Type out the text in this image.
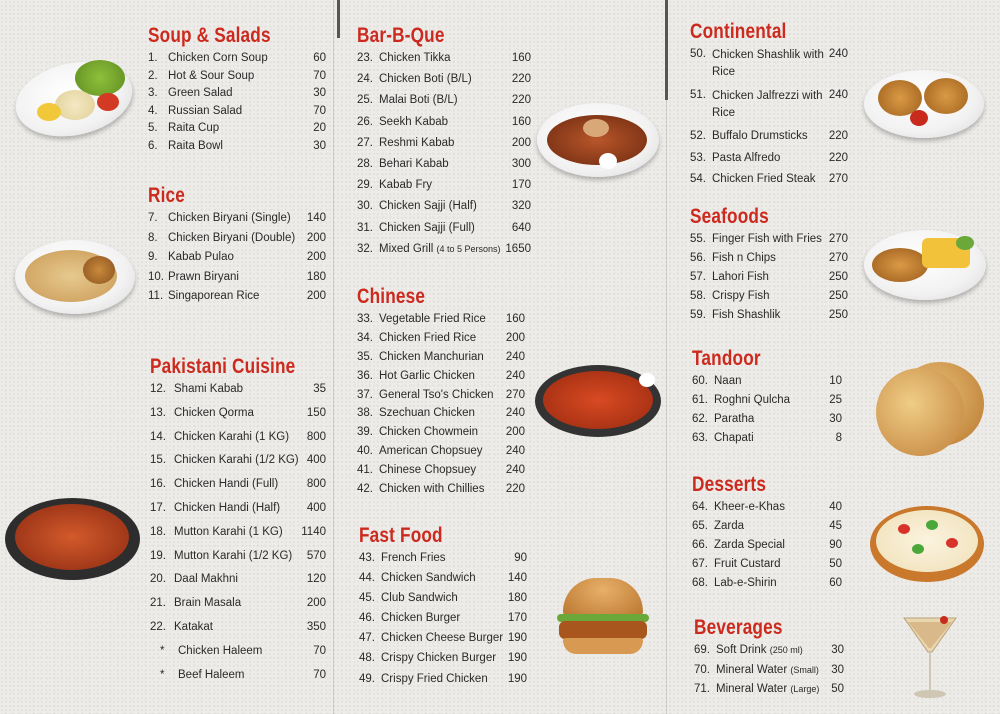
Soup & Salads
1. Chicken Corn Soup	60
2. Hot & Sour Soup	70
3. Green Salad	30
4. Russian Salad	70
5. Raita Cup	20
6. Raita Bowl	30
Rice
7. Chicken Biryani (Single)	140
8. Chicken Biryani (Double)	200
9. Kabab Pulao	200
10. Prawn Biryani	180
11. Singaporean Rice	200
Pakistani Cuisine
12. Shami Kabab	35
13. Chicken Qorma	150
14. Chicken Karahi (1 KG)	800
15. Chicken Karahi (1/2 KG) 400
16. Chicken Handi (Full)	800
17. Chicken Handi (Half)	400
18. Mutton Karahi (1 KG)	1140
19. Mutton Karahi (1/2 KG)	570
20. Daal Makhni	120
21. Brain Masala	200
22. Katakat	350
*	Chicken Haleem	70
*	Beef Haleem	70
Bar-B-Que
23. Chicken Tikka	160
24. Chicken Boti (B/L)	220
25. Malai Boti (B/L)	220
26. Seekh Kabab	160
27. Reshmi Kabab	200
28. Behari Kabab	300
29. Kabab Fry	170
30. Chicken Sajji (Half)	320
31. Chicken Sajji (Full)	640
32. Mixed Grill (4 to 5 Persons) 1650
Chinese
33. Vegetable Fried Rice	160
34. Chicken Fried Rice	200
35. Chicken Manchurian	240
36. Hot Garlic Chicken	240
37. General Tso's Chicken	270
38. Szechuan Chicken	240
39. Chicken Chowmein	200
40. American Chopsuey	240
41. Chinese Chopsuey	240
42. Chicken with Chillies	220
Fast Food
43. French Fries	90
44. Chicken Sandwich	140
45. Club Sandwich	180
46. Chicken Burger	170
47. Chicken Cheese Burger 190
48. Crispy Chicken Burger	190
49. Crispy Fried Chicken	190
Continental
50. Chicken Shashlik with Rice
240
51. Chicken Jalfrezzi with Rice
240
52. Buffalo Drumsticks	220
53. Pasta Alfredo	220
54. Chicken Fried Steak	270
Seafoods
55. Finger Fish with Fries 270
56. Fish n Chips	270
57. Lahori Fish	250
58. Crispy Fish	250
59. Fish Shashlik	250
Tandoor
60. Naan	10
61. Roghni Qulcha	25
62. Paratha	30
63. Chapati	8
Desserts
64. Kheer-e-Khas	40
65. Zarda	45
66. Zarda Special	90
67. Fruit Custard	50
68. Lab-e-Shirin	60
Beverages
69. Soft Drink (250 ml)	30
70. Mineral Water (Small)	30
71. Mineral Water (Large)	50
